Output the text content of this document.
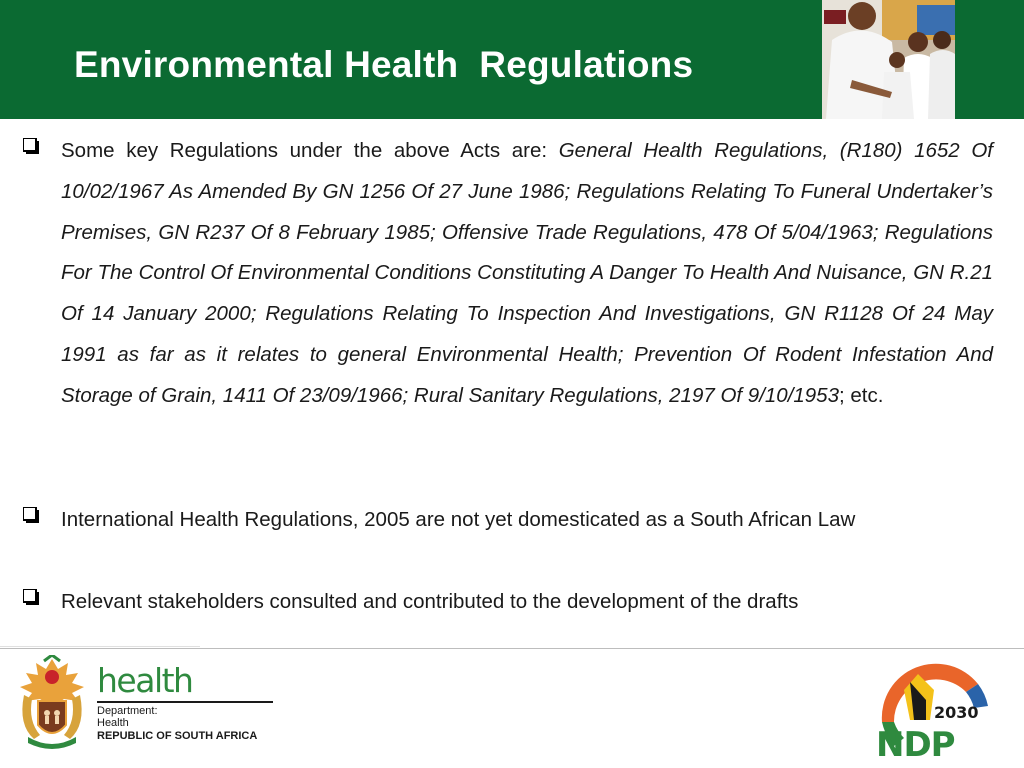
Environmental Health  Regulations
Some key Regulations under the above Acts are: General Health Regulations, (R180) 1652 Of 10/02/1967 As Amended By GN 1256 Of 27 June 1986; Regulations Relating To Funeral Undertaker’s Premises, GN R237 Of 8 February 1985; Offensive Trade Regulations, 478 Of 5/04/1963; Regulations For The Control Of Environmental Conditions Constituting A Danger To Health And Nuisance, GN R.21 Of 14 January 2000; Regulations Relating To Inspection And Investigations, GN R1128 Of 24 May 1991 as far as it relates to general Environmental Health; Prevention Of Rodent Infestation And Storage of Grain, 1411 Of 23/09/1966; Rural Sanitary Regulations, 2197 Of 9/10/1953; etc.
International Health Regulations, 2005 are not yet domesticated as a South African Law
Relevant stakeholders consulted and contributed to the development of the drafts
health
Department:
Health
REPUBLIC OF SOUTH AFRICA
2030
NDP
